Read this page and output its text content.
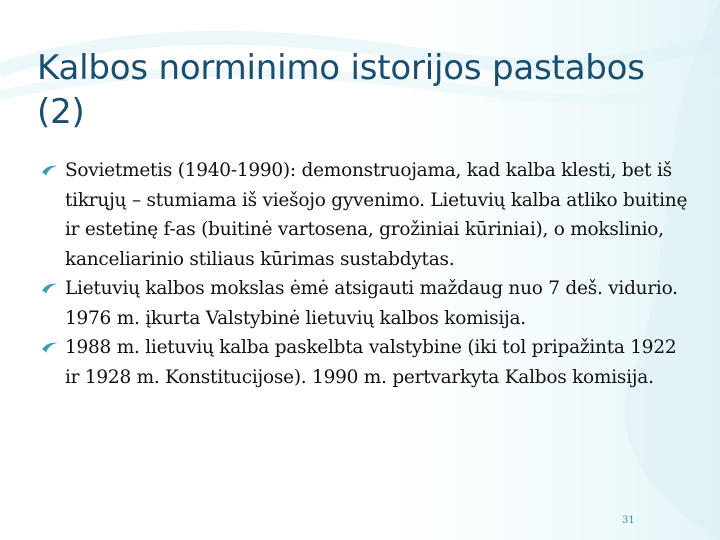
Kalbos norminimo istorijos pastabos (2)
Sovietmetis (1940-1990): demonstruojama, kad kalba klesti, bet iš tikrųjų – stumiama iš viešojo gyvenimo. Lietuvių kalba atliko buitinę ir estetinę f-as (buitinė vartosena, grožiniai kūriniai), o mokslinio, kanceliarinio stiliaus kūrimas sustabdytas.
Lietuvių kalbos mokslas ėmė atsigauti maždaug nuo 7 deš. vidurio. 1976 m. įkurta Valstybinė lietuvių kalbos komisija.
1988 m. lietuvių kalba paskelbta valstybine (iki tol pripažinta 1922 ir 1928 m. Konstitucijose). 1990 m. pertvarkyta Kalbos komisija.
31
